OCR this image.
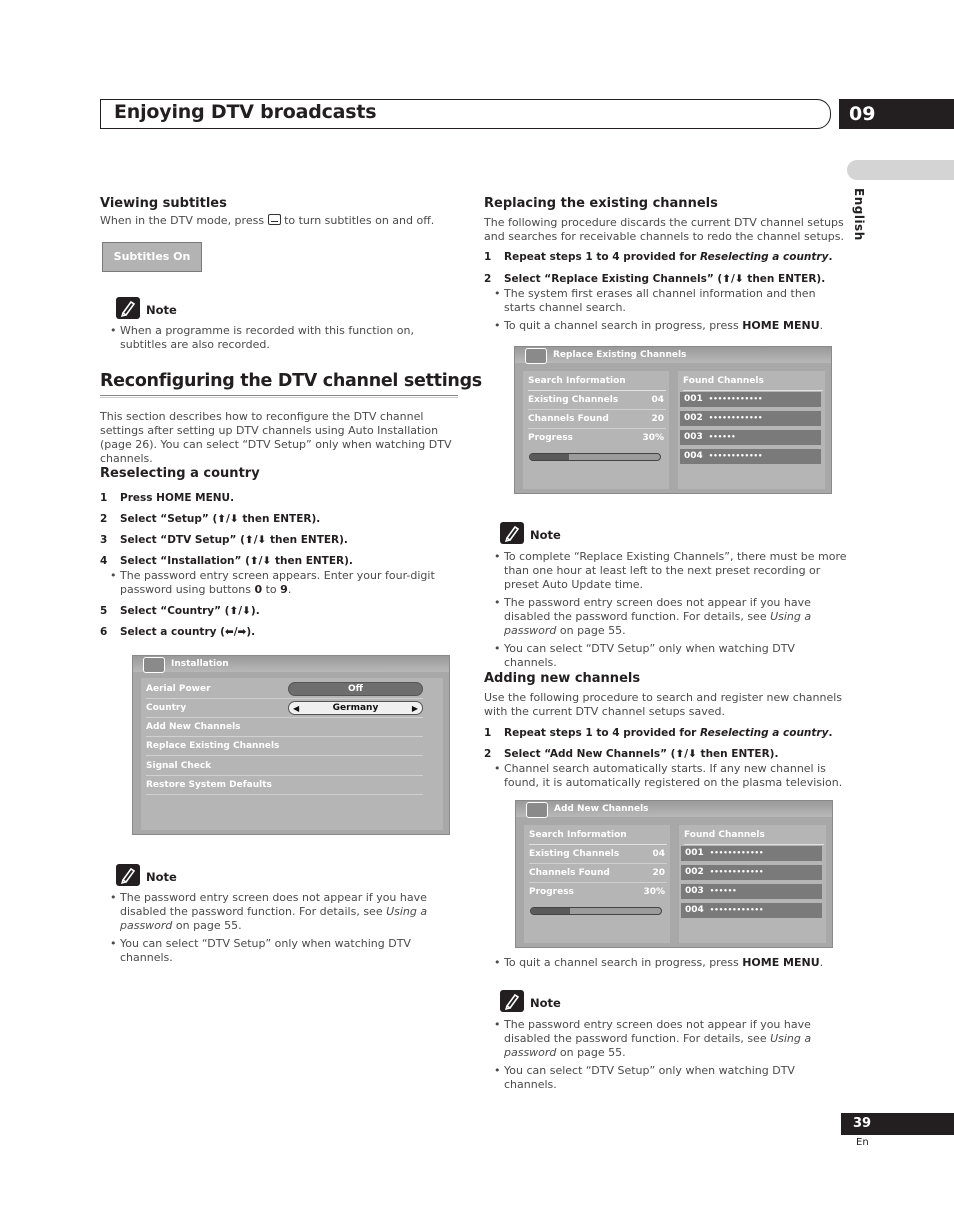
Enjoying DTV broadcasts	09
English
Viewing subtitles
When in the DTV mode, press to turn subtitles on and off.
Subtitles On
Note
• When a programme is recorded with this function on, subtitles are also recorded.
Reconfiguring the DTV channel settings
This section describes how to reconfigure the DTV channel settings after setting up DTV channels using Auto Installation (page 26). You can select “DTV Setup” only when watching DTV channels.
Reselecting a country
1 Press HOME MENU.
2 Select “Setup” (⬆/⬇ then ENTER).
3 Select “DTV Setup” (⬆/⬇ then ENTER).
4 Select “Installation” (⬆/⬇ then ENTER).
• The password entry screen appears. Enter your four-digit password using buttons 0 to 9.
5 Select “Country” (⬆/⬇).
6 Select a country (⬅/➡).
Installation
Aerial Power	Off
Country	◀	Germany	▶
Add New Channels
Replace Existing Channels
Signal Check
Restore System Defaults
Note
• The password entry screen does not appear if you have disabled the password function. For details, see Using a password on page 55.
• You can select “DTV Setup” only when watching DTV channels.
Replacing the existing channels
The following procedure discards the current DTV channel setups and searches for receivable channels to redo the channel setups.
1 Repeat steps 1 to 4 provided for Reselecting a country.
2 Select “Replace Existing Channels” (⬆/⬇ then ENTER).
• The system first erases all channel information and then starts channel search.
• To quit a channel search in progress, press HOME MENU.
Replace Existing Channels
Search Information
Existing Channels	04
Channels Found	20
Progress	30%
Found Channels
001 ••••••••••••
002 ••••••••••••
003 ••••••
004 ••••••••••••
Note
• To complete “Replace Existing Channels”, there must be more than one hour at least left to the next preset recording or preset Auto Update time.
• The password entry screen does not appear if you have disabled the password function. For details, see Using a password on page 55.
• You can select “DTV Setup” only when watching DTV channels.
Adding new channels
Use the following procedure to search and register new channels with the current DTV channel setups saved.
1 Repeat steps 1 to 4 provided for Reselecting a country.
2 Select “Add New Channels” (⬆/⬇ then ENTER).
• Channel search automatically starts. If any new channel is found, it is automatically registered on the plasma television.
Add New Channels
Search Information
Existing Channels	04
Channels Found	20
Progress	30%
Found Channels
001 ••••••••••••
002 ••••••••••••
003 ••••••
004 ••••••••••••
• To quit a channel search in progress, press HOME MENU.
Note
• The password entry screen does not appear if you have disabled the password function. For details, see Using a password on page 55.
• You can select “DTV Setup” only when watching DTV channels.
39
En
